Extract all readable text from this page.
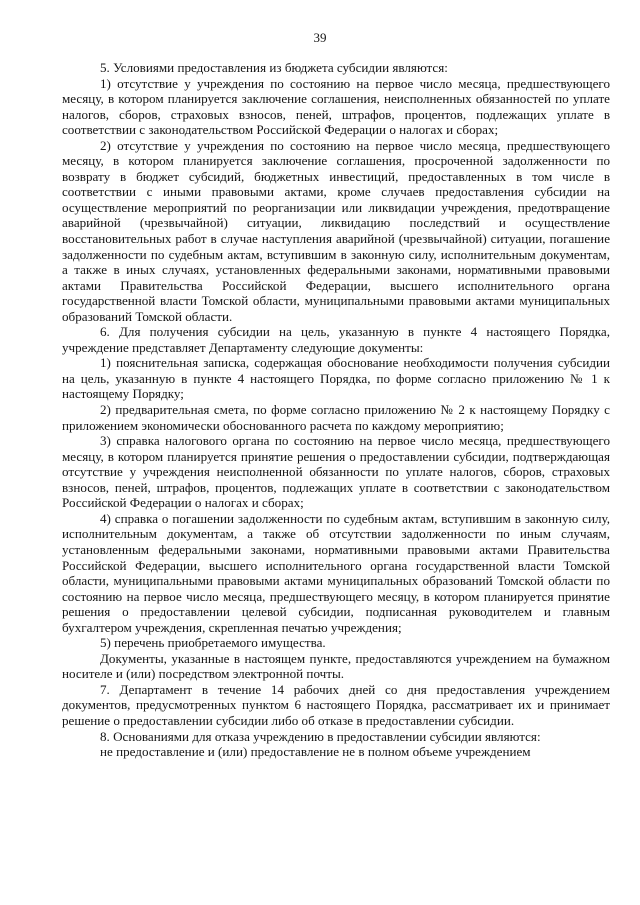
39

5. Условиями предоставления из бюджета субсидии являются:

1) отсутствие у учреждения по состоянию на первое число месяца, предшествующего месяцу, в котором планируется заключение соглашения, неисполненных обязанностей по уплате налогов, сборов, страховых взносов, пеней, штрафов, процентов, подлежащих уплате в соответствии с законодательством Российской Федерации о налогах и сборах;

2) отсутствие у учреждения по состоянию на первое число месяца, предшествующего месяцу, в котором планируется заключение соглашения, просроченной задолженности по возврату в бюджет субсидий, бюджетных инвестиций, предоставленных в том числе в соответствии с иными правовыми актами, кроме случаев предоставления субсидии на осуществление мероприятий по реорганизации или ликвидации учреждения, предотвращение аварийной (чрезвычайной) ситуации, ликвидацию последствий и осуществление восстановительных работ в случае наступления аварийной (чрезвычайной) ситуации, погашение задолженности по судебным актам, вступившим в законную силу, исполнительным документам, а также в иных случаях, установленных федеральными законами, нормативными правовыми актами Правительства Российской Федерации, высшего исполнительного органа государственной власти Томской области, муниципальными правовыми актами муниципальных образований Томской области.

6. Для получения субсидии на цель, указанную в пункте 4 настоящего Порядка, учреждение представляет Департаменту следующие документы:

1) пояснительная записка, содержащая обоснование необходимости получения субсидии на цель, указанную в пункте 4 настоящего Порядка, по форме согласно приложению № 1 к настоящему Порядку;

2) предварительная смета, по форме согласно приложению № 2 к настоящему Порядку с приложением экономически обоснованного расчета по каждому мероприятию;

3) справка налогового органа по состоянию на первое число месяца, предшествующего месяцу, в котором планируется принятие решения о предоставлении субсидии, подтверждающая отсутствие у учреждения неисполненной обязанности по уплате налогов, сборов, страховых взносов, пеней, штрафов, процентов, подлежащих уплате в соответствии с законодательством Российской Федерации о налогах и сборах;

4) справка о погашении задолженности по судебным актам, вступившим в законную силу, исполнительным документам, а также об отсутствии задолженности по иным случаям, установленным федеральными законами, нормативными правовыми актами Правительства Российской Федерации, высшего исполнительного органа государственной власти Томской области, муниципальными правовыми актами муниципальных образований Томской области по состоянию на первое число месяца, предшествующего месяцу, в котором планируется принятие решения о предоставлении целевой субсидии, подписанная руководителем и главным бухгалтером учреждения, скрепленная печатью учреждения;

5) перечень приобретаемого имущества.

Документы, указанные в настоящем пункте, предоставляются учреждением на бумажном носителе и (или) посредством электронной почты.

7. Департамент в течение 14 рабочих дней со дня предоставления учреждением документов, предусмотренных пунктом 6 настоящего Порядка, рассматривает их и принимает решение о предоставлении субсидии либо об отказе в предоставлении субсидии.

8. Основаниями для отказа учреждению в предоставлении субсидии являются:

не предоставление и (или) предоставление не в полном объеме учреждением
